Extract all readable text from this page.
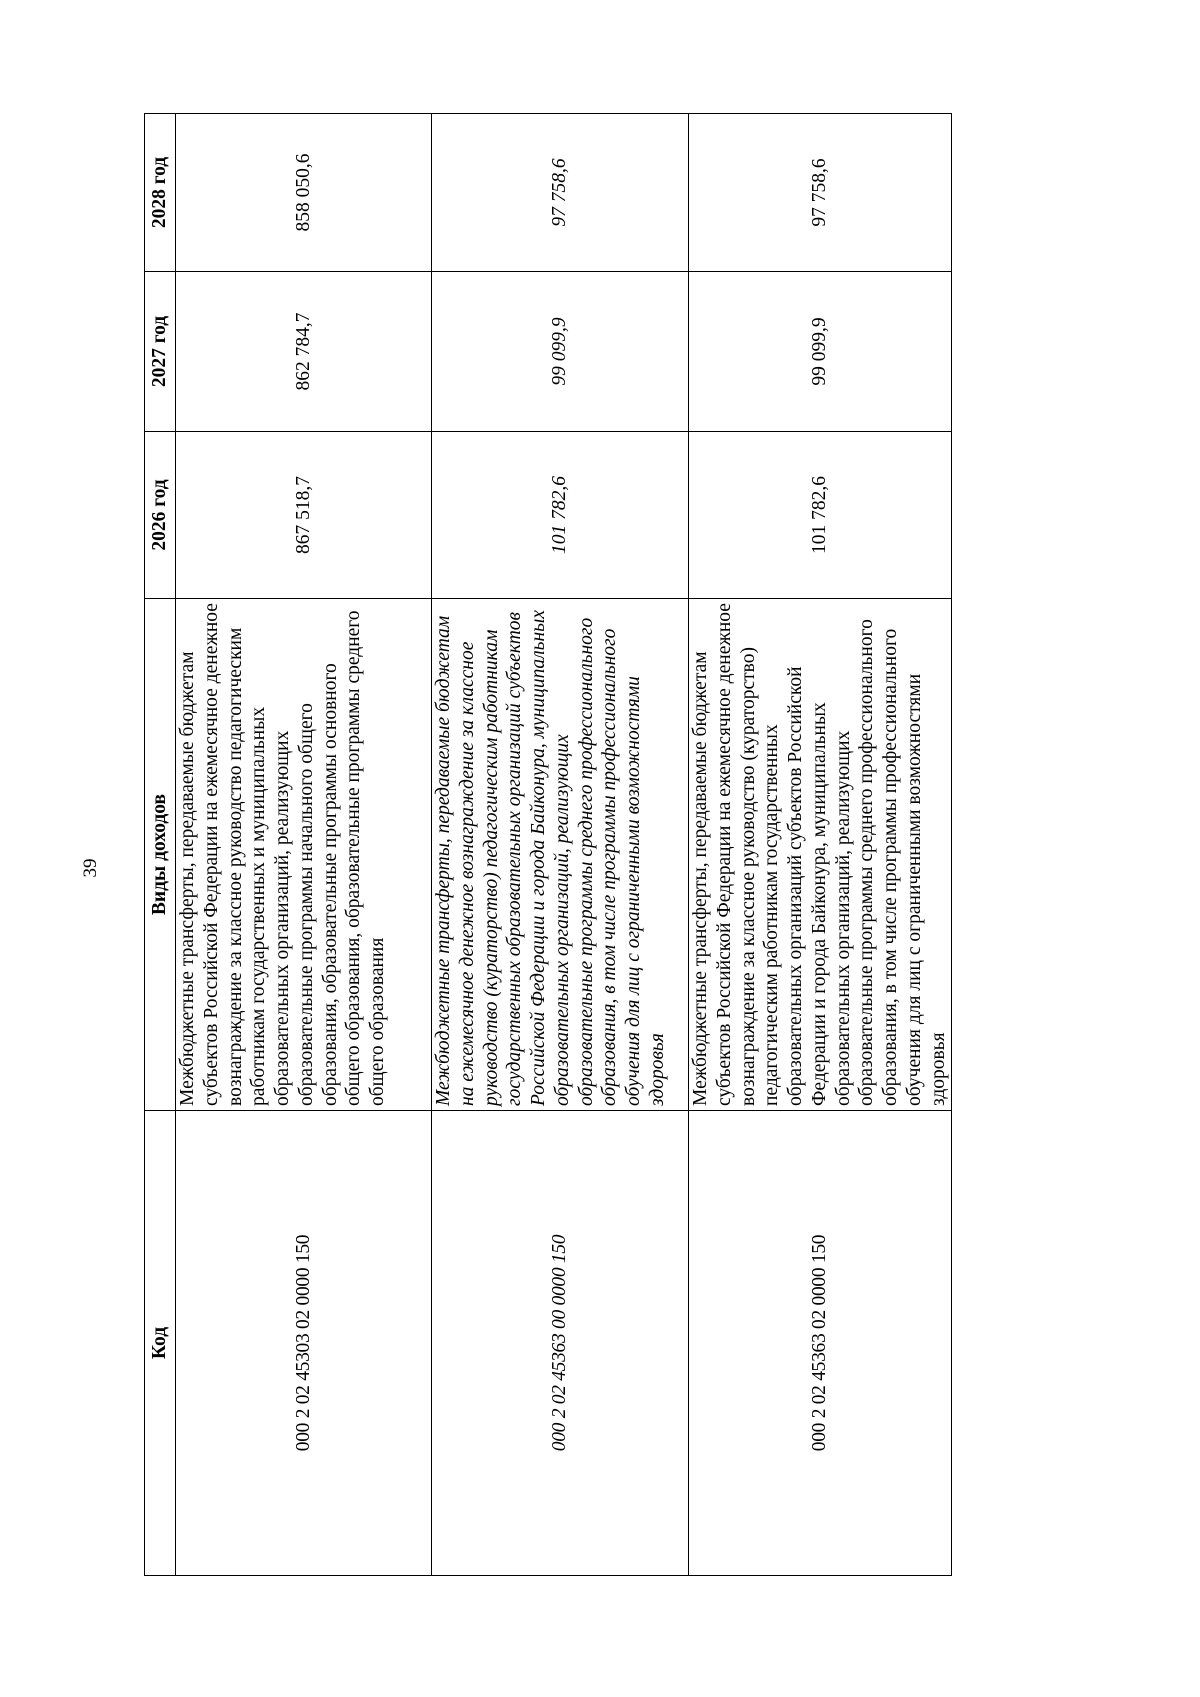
39
Код	Виды доходов	2026 год	2027 год	2028 год
000 2 02 45303 02 0000 150	Межбюджетные трансферты, передаваемые бюджетам субъектов Российской Федерации на ежемесячное денежное вознаграждение за классное руководство педагогическим работникам государственных и муниципальных образовательных организаций, реализующих образовательные программы начального общего образования, образовательные программы основного общего образования, образовательные программы среднего общего образования	867 518,7	862 784,7	858 050,6
000 2 02 45363 00 0000 150	Межбюджетные трансферты, передаваемые бюджетам на ежемесячное денежное вознаграждение за классное руководство (кураторство) педагогическим работникам государственных образовательных организаций субъектов Российской Федерации и города Байконура, муниципальных образовательных организаций, реализующих образовательные программы среднего профессионального образования, в том числе программы профессионального обучения для лиц с ограниченными возможностями здоровья	101 782,6	99 099,9	97 758,6
000 2 02 45363 02 0000 150	Межбюджетные трансферты, передаваемые бюджетам субъектов Российской Федерации на ежемесячное денежное вознаграждение за классное руководство (кураторство) педагогическим работникам государственных образовательных организаций субъектов Российской Федерации и города Байконура, муниципальных образовательных организаций, реализующих образовательные программы среднего профессионального образования, в том числе программы профессионального обучения для лиц с ограниченными возможностями здоровья	101 782,6	99 099,9	97 758,6
